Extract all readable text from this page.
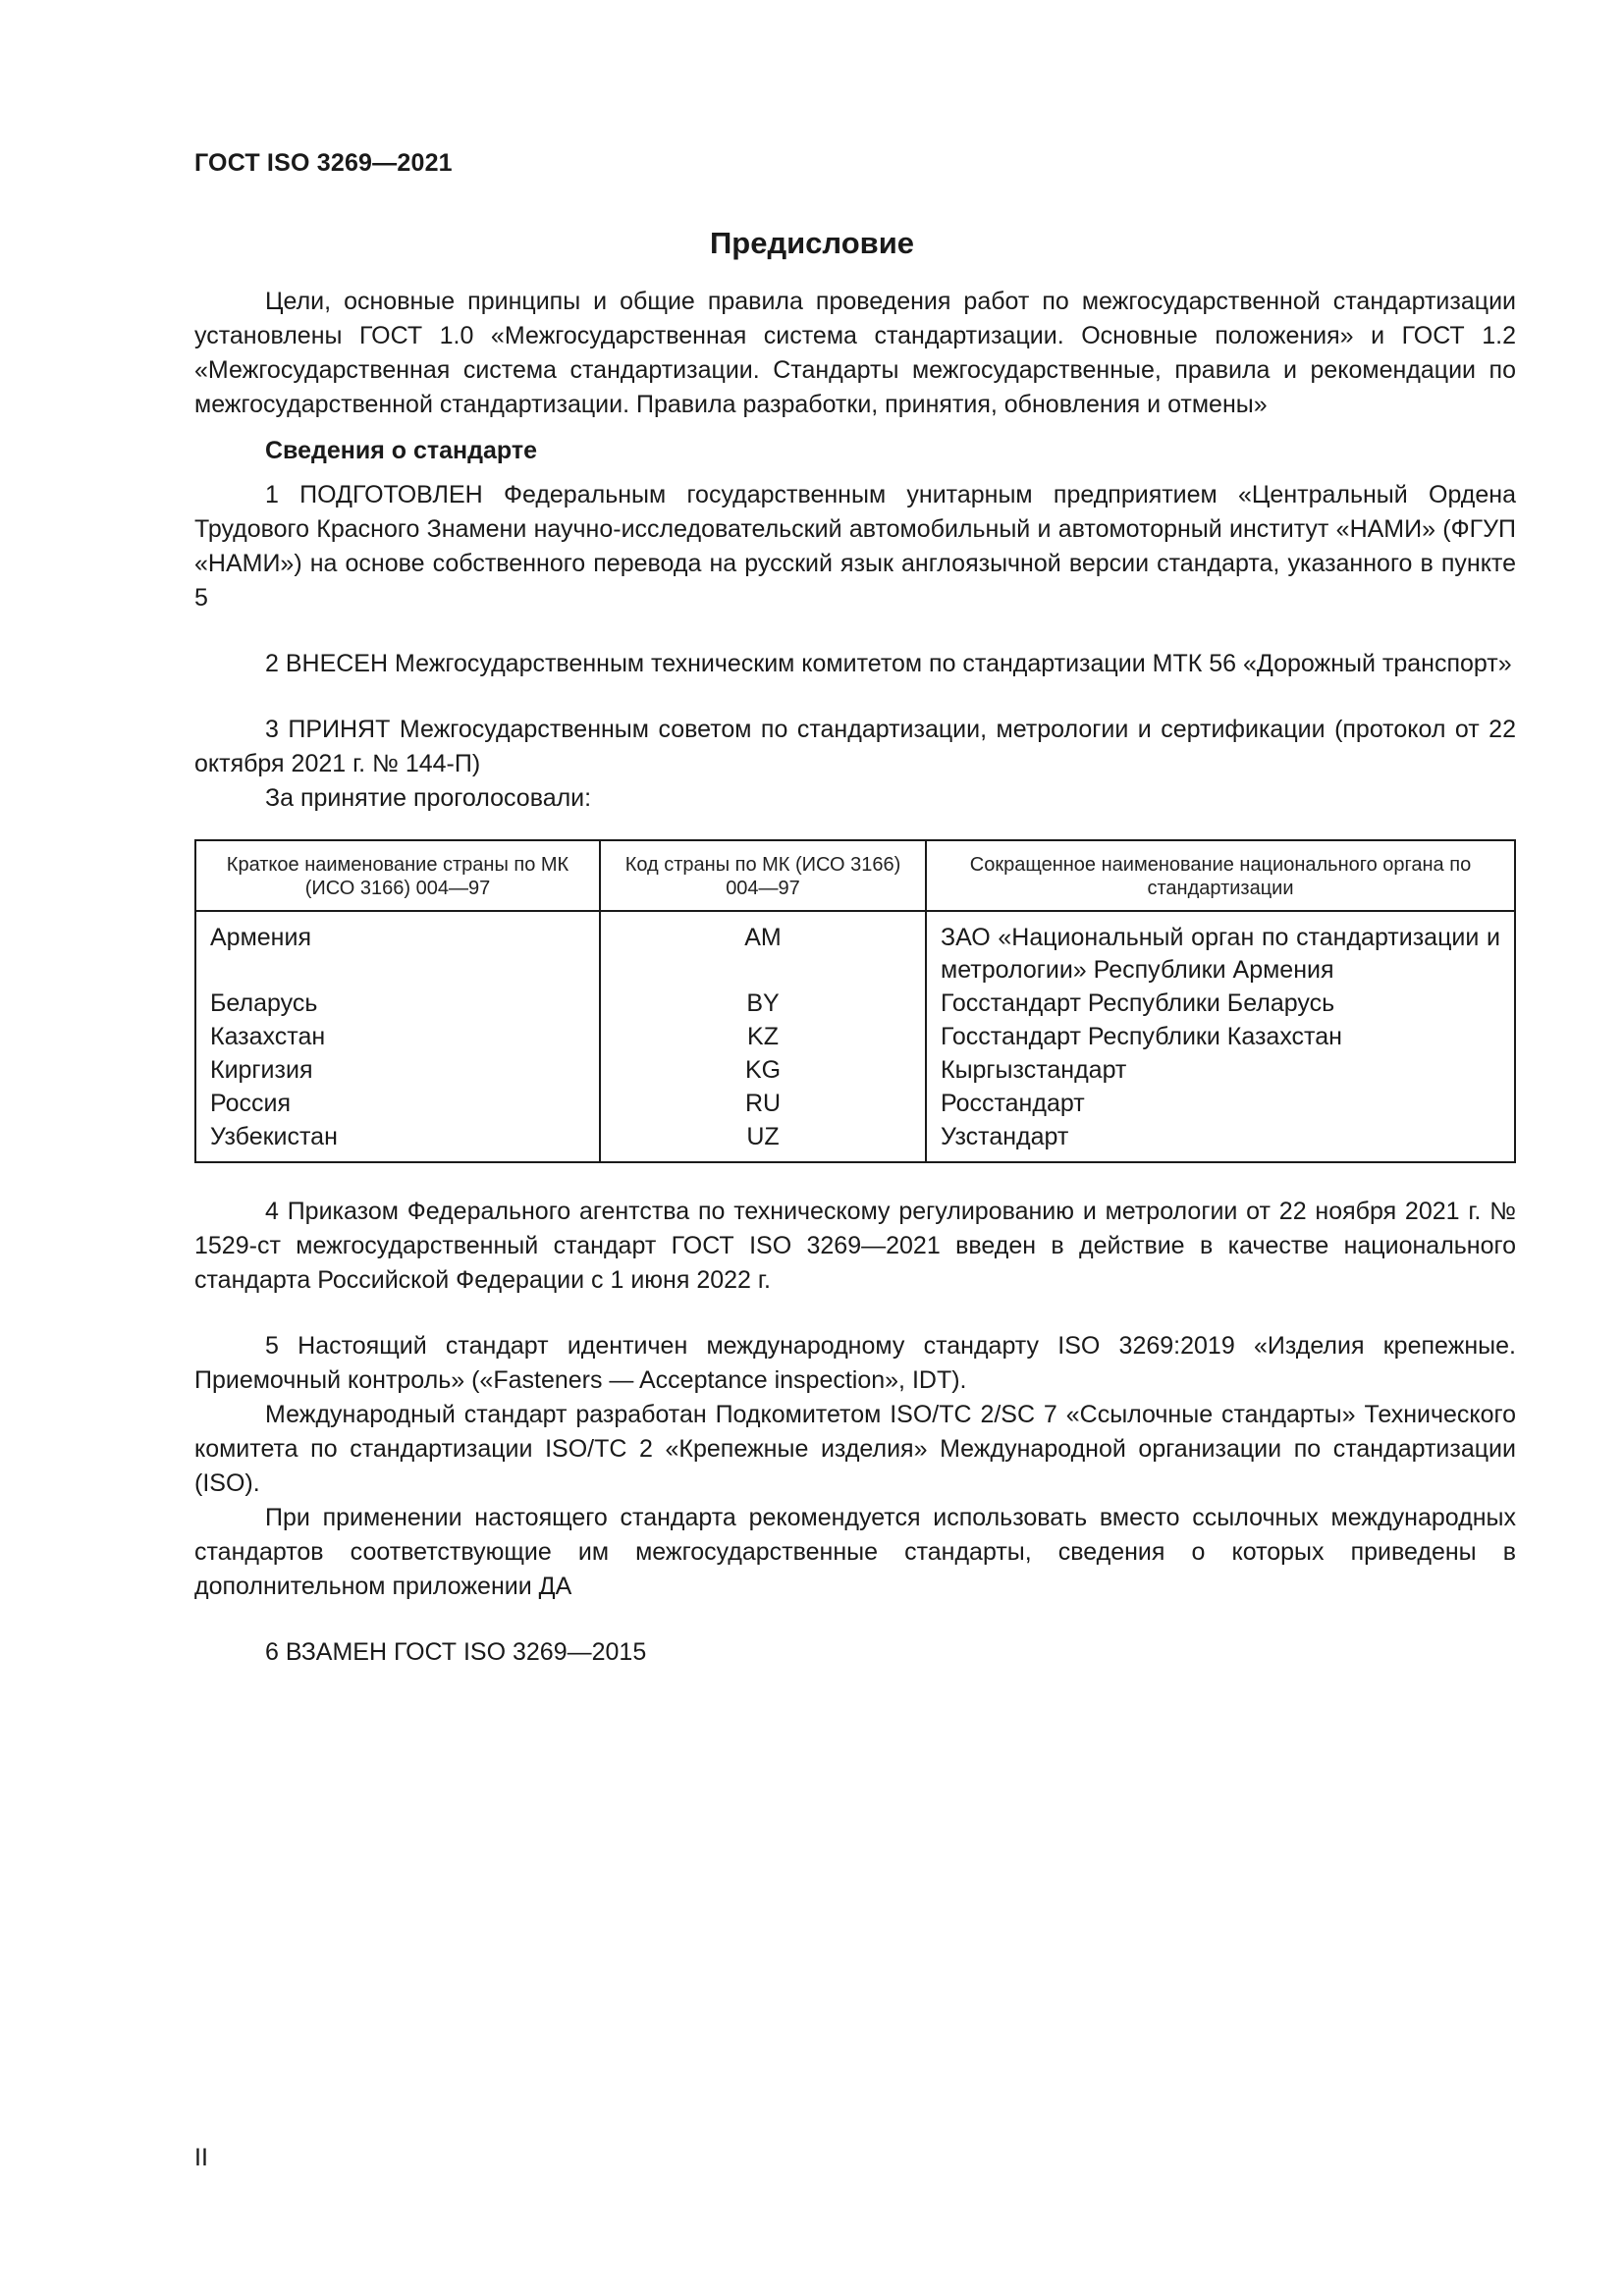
ГОСТ ISO 3269—2021
Предисловие

Цели, основные принципы и общие правила проведения работ по межгосударственной стандартизации установлены ГОСТ 1.0 «Межгосударственная система стандартизации. Основные положения» и ГОСТ 1.2 «Межгосударственная система стандартизации. Стандарты межгосударственные, правила и рекомендации по межгосударственной стандартизации. Правила разработки, принятия, обновления и отмены»

Сведения о стандарте

1 ПОДГОТОВЛЕН Федеральным государственным унитарным предприятием «Центральный Ордена Трудового Красного Знамени научно-исследовательский автомобильный и автомоторный институт «НАМИ» (ФГУП «НАМИ») на основе собственного перевода на русский язык англоязычной версии стандарта, указанного в пункте 5

2 ВНЕСЕН Межгосударственным техническим комитетом по стандартизации МТК 56 «Дорожный транспорт»

3 ПРИНЯТ Межгосударственным советом по стандартизации, метрологии и сертификации (протокол от 22 октября 2021 г. № 144-П)

За принятие проголосовали:

Краткое наименование страны по МК (ИСО 3166) 004—97	Код страны по МК (ИСО 3166) 004—97	Сокращенное наименование национального органа по стандартизации
Армения	AM	ЗАО «Национальный орган по стандартизации и метрологии» Республики Армения
Беларусь	BY	Госстандарт Республики Беларусь
Казахстан	KZ	Госстандарт Республики Казахстан
Киргизия	KG	Кыргызстандарт
Россия	RU	Росстандарт
Узбекистан	UZ	Узстандарт

4 Приказом Федерального агентства по техническому регулированию и метрологии от 22 ноября 2021 г. № 1529-ст межгосударственный стандарт ГОСТ ISO 3269—2021 введен в действие в качестве национального стандарта Российской Федерации с 1 июня 2022 г.

5 Настоящий стандарт идентичен международному стандарту ISO 3269:2019 «Изделия крепежные. Приемочный контроль» («Fasteners — Acceptance inspection», IDT).

Международный стандарт разработан Подкомитетом ISO/TC 2/SC 7 «Ссылочные стандарты» Технического комитета по стандартизации ISO/TC 2 «Крепежные изделия» Международной организации по стандартизации (ISO).

При применении настоящего стандарта рекомендуется использовать вместо ссылочных международных стандартов соответствующие им межгосударственные стандарты, сведения о которых приведены в дополнительном приложении ДА

6 ВЗАМЕН ГОСТ ISO 3269—2015

II
